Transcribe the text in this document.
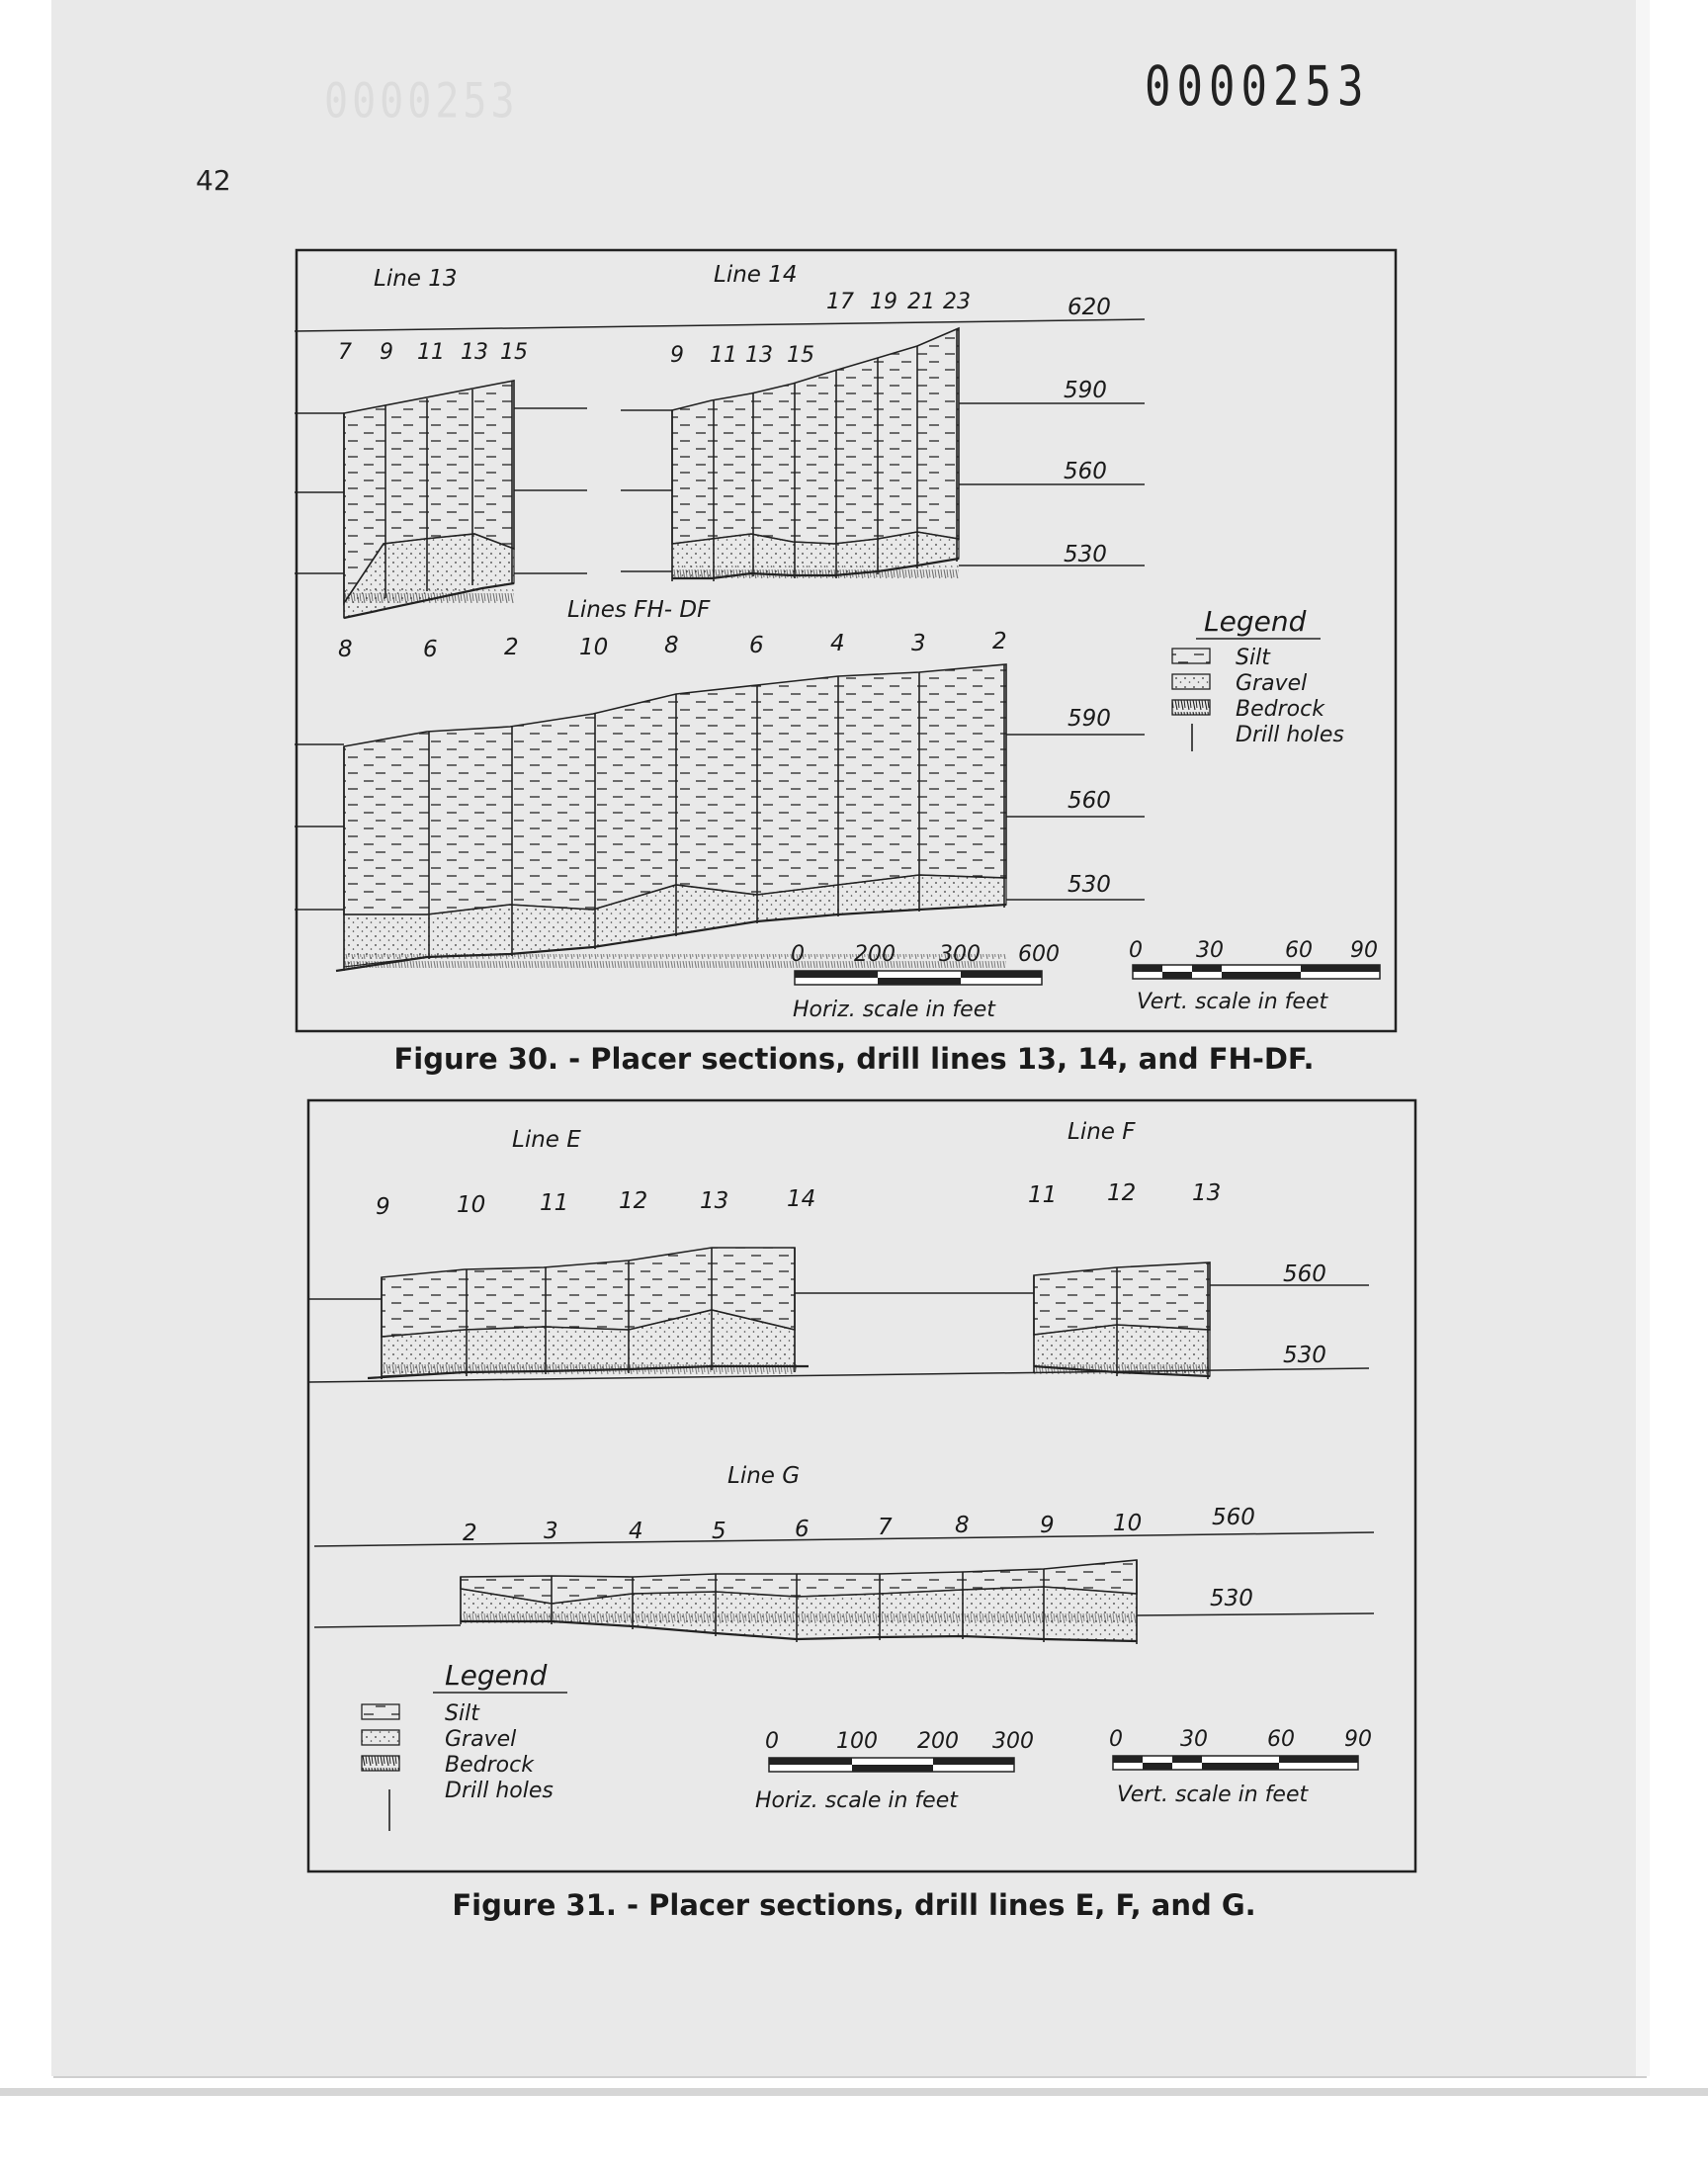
0000253	0000253
42
Line 13
7 9 11 13 15
Line 14
9 11 13 15
17 19 21 23	620
590
560
530
Lines FH- DF
8	6	2	10 8	6	4	3	2
590
560
530
Legend
Silt
Gravel
Bedrock
Drill holes
0 200 300 600
Horiz. scale in feet
0 30	60 90
Vert. scale in feet
Line E
9	10 11 12 13	14
Line F
11 12 13
560
530
Line G
2	3	4	5	6	7	8	9	10	560
530
Legend
Silt
Gravel
Bedrock
Drill holes
0	100 200 300
Horiz. scale in feet
0	30	60 90
Vert. scale in feet
Figure 30. - Placer sections, drill lines 13, 14, and FH-DF.
Figure 31. - Placer sections, drill lines E, F, and G.
